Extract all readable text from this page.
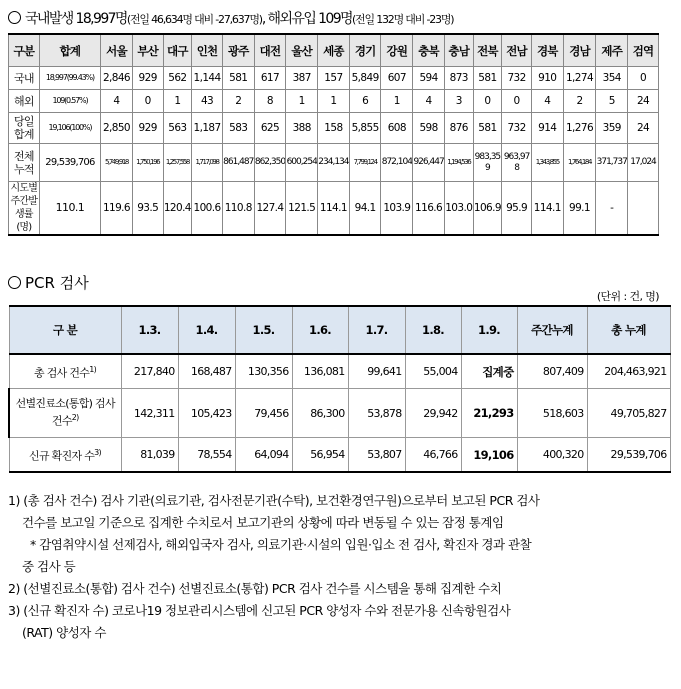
국내발생 18,997명(전일 46,634명 대비 -27,637명), 해외유입 109명(전일 132명 대비 -23명)
구분	합계	서울	부산	대구	인천	광주	대전	울산	세종	경기	강원	충북	충남	전북	전남	경북	경남	제주	검역
국내	18,997(99.43%)	2,846	929	562	1,144	581	617	387	157	5,849	607	594	873	581	732	910	1,274	354	0
해외	109(0.57%)	4	0	1	43	2	8	1	1	6	1	4	3	0	0	4	2	5	24
당일 합계	19,106(100%)	2,850	929	563	1,187	583	625	388	158	5,855	608	598	876	581	732	914	1,276	359	24
전체 누적	29,539,706	5,749,918	1,750,196	1,257,558	1,717,098	861,487	862,350	600,254	234,134	7,799,124	872,104	926,447	1,194,536	983,359	963,978	1,343,855	1,764,184	371,737	17,024
시도별주간발생률(명)	110.1	119.6	93.5	120.4	100.6	110.8	127.4	121.5	114.1	94.1	103.9	116.6	103.0	106.9	95.9	114.1	99.1	-	
PCR 검사
(단위 : 건, 명)
구 분	1.3.	1.4.	1.5.	1.6.	1.7.	1.8.	1.9.	주간누계	총 누계
총 검사 건수$^{1)}$	217,840	168,487	130,356	136,081	99,641	55,004	집계중	807,409	204,463,921
선별진료소(통합) 검사 건수$^{2)}$	142,311	105,423	79,456	86,300	53,878	29,942	21,293	518,603	49,705,827
신규 확진자 수$^{3)}$	81,039	78,554	64,094	56,954	53,807	46,766	19,106	400,320	29,539,706

1) (총 검사 건수) 검사 기관(의료기관, 검사전문기관(수탁), 보건환경연구원)으로부터 보고된 PCR 검사

건수를 보고일 기준으로 집계한 수치로서 보고기관의 상황에 따라 변동될 수 있는 잠정 통계임

* 감염취약시설 선제검사, 해외입국자 검사, 의료기관·시설의 입원·입소 전 검사, 확진자 경과 관찰

중 검사 등

2) (선별진료소(통합) 검사 건수) 선별진료소(통합) PCR 검사 건수를 시스템을 통해 집계한 수치

3) (신규 확진자 수) 코로나19 정보관리시스템에 신고된 PCR 양성자 수와 전문가용 신속항원검사

(RAT) 양성자 수
